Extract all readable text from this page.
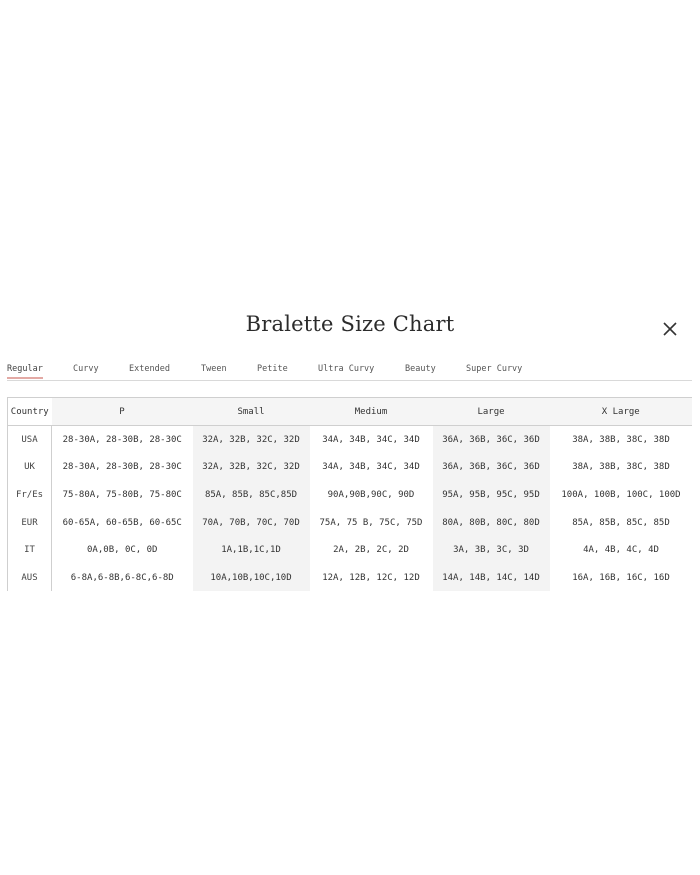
Bralette Size Chart
Regular	Curvy	Extended	Tween	Petite	Ultra Curvy	Beauty	Super Curvy
Country	P	Small	Medium	Large	X Large
USA	28-30A, 28-30B, 28-30C	32A, 32B, 32C, 32D	34A, 34B, 34C, 34D	36A, 36B, 36C, 36D	38A, 38B, 38C, 38D
UK	28-30A, 28-30B, 28-30C	32A, 32B, 32C, 32D	34A, 34B, 34C, 34D	36A, 36B, 36C, 36D	38A, 38B, 38C, 38D
Fr/Es	75-80A, 75-80B, 75-80C	85A, 85B, 85C,85D	90A,90B,90C, 90D	95A, 95B, 95C, 95D	100A, 100B, 100C, 100D
EUR	60-65A, 60-65B, 60-65C	70A, 70B, 70C, 70D	75A, 75 B, 75C, 75D	80A, 80B, 80C, 80D	85A, 85B, 85C, 85D
IT	0A,0B, 0C, 0D	1A,1B,1C,1D	2A, 2B, 2C, 2D	3A, 3B, 3C, 3D	4A, 4B, 4C, 4D
AUS	6-8A,6-8B,6-8C,6-8D	10A,10B,10C,10D	12A, 12B, 12C, 12D	14A, 14B, 14C, 14D	16A, 16B, 16C, 16D
